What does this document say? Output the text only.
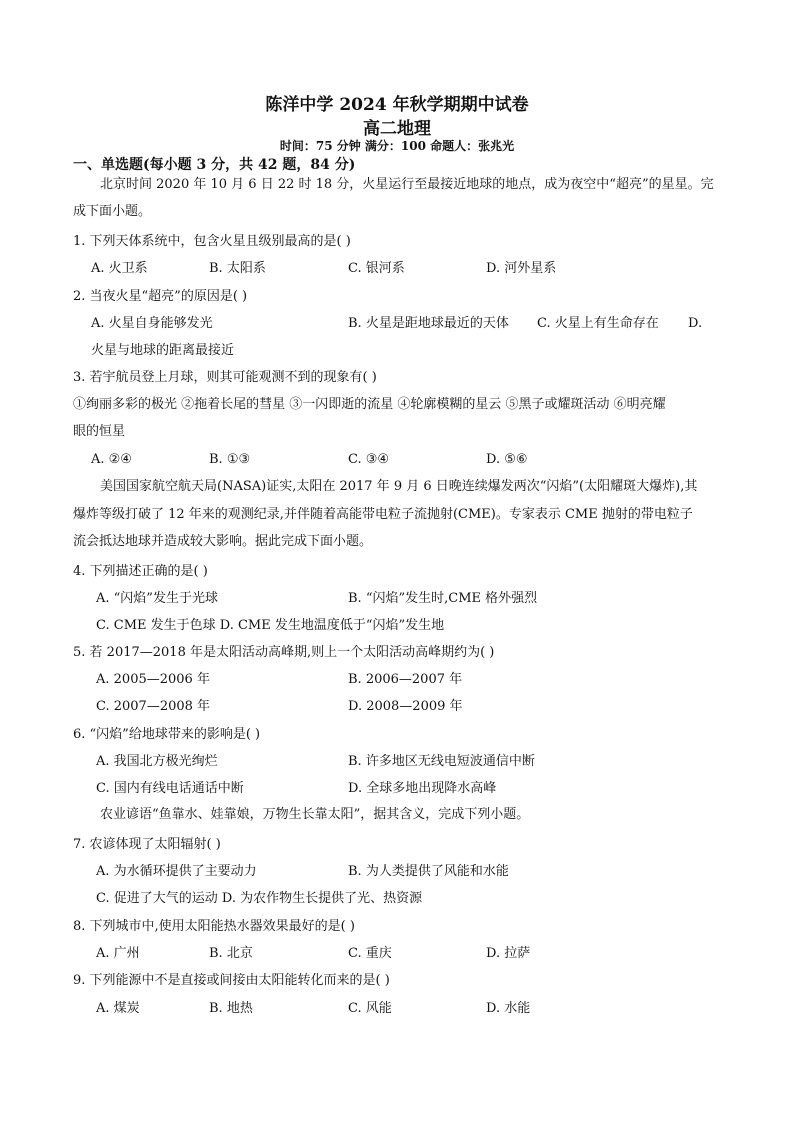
陈洋中学 2024 年秋学期期中试卷
高二地理
时间：75 分钟 满分：100 命题人：张兆光
一、单选题(每小题 3 分，共 42 题，84 分)
北京时间 2020 年 10 月 6 日 22 时 18 分，火星运行至最接近地球的地点，成为夜空中“超亮”的星星。完
成下面小题。
1. 下列天体系统中，包含火星且级别最高的是( )
A. 火卫系	B. 太阳系	C. 银河系	D. 河外星系
2. 当夜火星“超亮”的原因是( )
A. 火星自身能够发光	B. 火星是距地球最近的天体 C. 火星上有生命存在 D.
火星与地球的距离最接近
3. 若宇航员登上月球，则其可能观测不到的现象有( )
①绚丽多彩的极光 ②拖着长尾的彗星 ③一闪即逝的流星 ④轮廓模糊的星云 ⑤黑子或耀斑活动 ⑥明亮耀
眼的恒星
A. ②④	B. ①③	C. ③④	D. ⑤⑥
美国国家航空航天局(NASA)证实,太阳在 2017 年 9 月 6 日晚连续爆发两次“闪焰”(太阳耀斑大爆炸),其
爆炸等级打破了 12 年来的观测纪录,并伴随着高能带电粒子流抛射(CME)。专家表示 CME 抛射的带电粒子
流会抵达地球并造成较大影响。据此完成下面小题。
4. 下列描述正确的是( )
A. “闪焰”发生于光球	B. “闪焰”发生时,CME 格外强烈
C. CME 发生于色球 D. CME 发生地温度低于“闪焰”发生地
5. 若 2017—2018 年是太阳活动高峰期,则上一个太阳活动高峰期约为( )
A. 2005—2006 年	B. 2006—2007 年
C. 2007—2008 年	D. 2008—2009 年
6. “闪焰”给地球带来的影响是( )
A. 我国北方极光绚烂	B. 许多地区无线电短波通信中断
C. 国内有线电话通话中断	D. 全球多地出现降水高峰
农业谚语“鱼靠水、娃靠娘，万物生长靠太阳”，据其含义，完成下列小题。
7. 农谚体现了太阳辐射( )
A. 为水循环提供了主要动力	B. 为人类提供了风能和水能
C. 促进了大气的运动 D. 为农作物生长提供了光、热资源
8. 下列城市中,使用太阳能热水器效果最好的是( )
A. 广州	B. 北京	C. 重庆	D. 拉萨
9. 下列能源中不是直接或间接由太阳能转化而来的是( )
A. 煤炭	B. 地热	C. 风能	D. 水能
